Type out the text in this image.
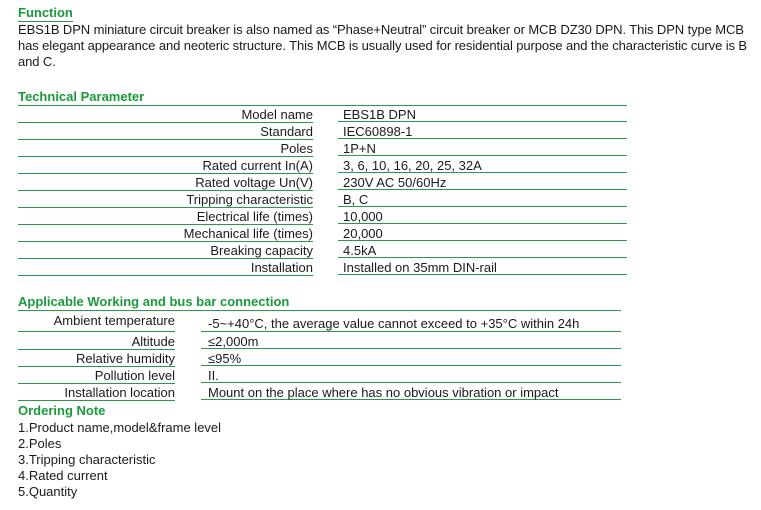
Function
EBS1B DPN miniature circuit breaker is also named as “Phase+Neutral” circuit breaker or MCB DZ30 DPN. This DPN type MCB has elegant appearance and neoteric structure. This MCB is usually used for residential purpose and the characteristic curve is B and C.
Technical Parameter
Model name	EBS1B DPN
Standard	IEC60898-1
Poles	1P+N
Rated current In(A)	3, 6, 10, 16, 20, 25, 32A
Rated voltage Un(V)	230V AC 50/60Hz
Tripping characteristic	B, C
Electrical life (times)	10,000
Mechanical life (times)	20,000
Breaking capacity	4.5kA
Installation	Installed on 35mm DIN-rail
Applicable Working and bus bar connection
Ambient temperature	-5~+40°C, the average value cannot exceed to +35°C within 24h
Altitude	≤2,000m
Relative humidity	≤95%
Pollution level	II.
Installation location	Mount on the place where has no obvious vibration or impact
Ordering Note
1.Product name,model&frame level
2.Poles
3.Tripping characteristic
4.Rated current
5.Quantity
